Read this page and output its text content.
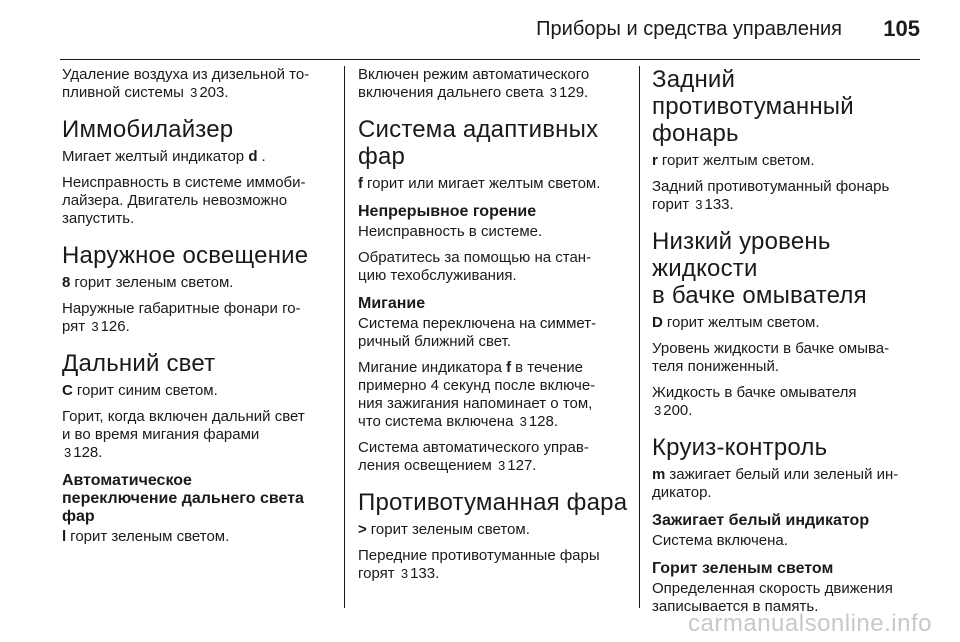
Приборы и средства управления 105

Удаление воздуха из дизельной то-
пливной системы 3 203.

Иммобилайзер

Мигает желтый индикатор d .

Неисправность в системе иммоби-
лайзера. Двигатель невозможно
запустить.

Наружное освещение

8 горит зеленым светом.

Наружные габаритные фонари го-
рят 3 126.

Дальний свет

C горит синим светом.

Горит, когда включен дальний свет
и во время мигания фарами
3 128.

Автоматическое
переключение дальнего света
фар

l горит зеленым светом.

Включен режим автоматического
включения дальнего света 3 129.

Система адаптивных
фар

f горит или мигает желтым светом.

Непрерывное горение

Неисправность в системе.

Обратитесь за помощью на стан-
цию техобслуживания.

Мигание

Система переключена на симмет-
ричный ближний свет.

Мигание индикатора f в течение
примерно 4 секунд после включе-
ния зажигания напоминает о том,
что система включена 3 128.

Система автоматического управ-
ления освещением 3 127.

Противотуманная фара

> горит зеленым светом.

Передние противотуманные фары
горят 3 133.

Задний
противотуманный
фонарь

r горит желтым светом.

Задний противотуманный фонарь
горит 3 133.

Низкий уровень жидкости
в бачке омывателя

D горит желтым светом.

Уровень жидкости в бачке омыва-
теля пониженный.

Жидкость в бачке омывателя
3 200.

Круиз-контроль

m зажигает белый или зеленый ин-
дикатор.

Зажигает белый индикатор

Система включена.

Горит зеленым светом

Определенная скорость движения
записывается в память.

carmanualsonline.info
